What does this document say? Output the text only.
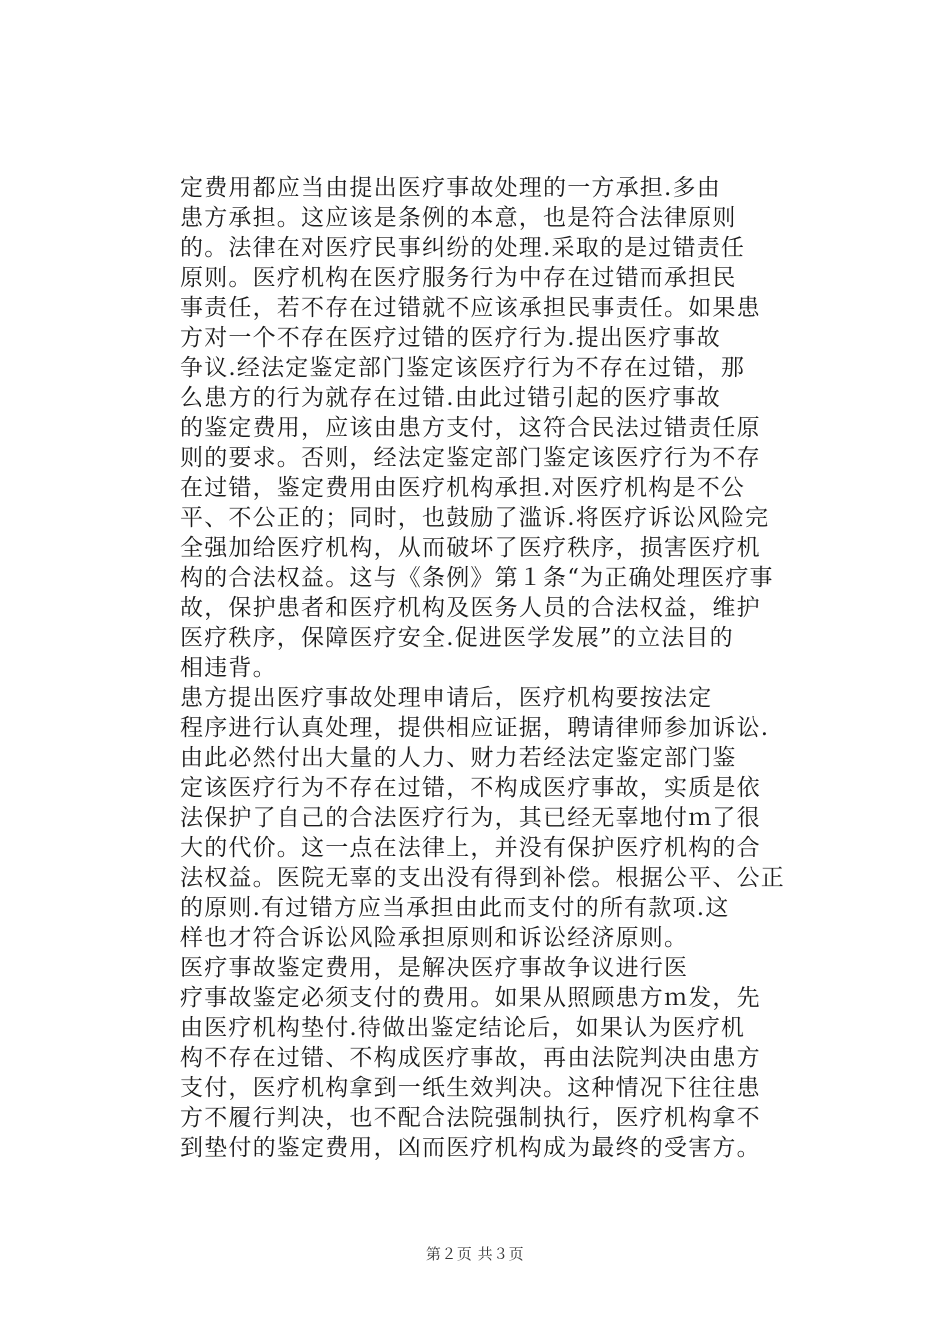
定费用都应当由提出医疗事故处理的一方承担.多由
患方承担。这应该是条例的本意，也是符合法律原则
的。法律在对医疗民事纠纷的处理.采取的是过错责任
原则。医疗机构在医疗服务行为中存在过错而承担民
事责任，若不存在过错就不应该承担民事责任。如果患
方对一个不存在医疗过错的医疗行为.提出医疗事故
争议.经法定鉴定部门鉴定该医疗行为不存在过错，那
么患方的行为就存在过错.由此过错引起的医疗事故
的鉴定费用，应该由患方支付，这符合民法过错责任原
则的要求。否则，经法定鉴定部门鉴定该医疗行为不存
在过错，鉴定费用由医疗机构承担.对医疗机构是不公
平、不公正的；同时，也鼓励了滥诉.将医疗诉讼风险完
全强加给医疗机构，从而破坏了医疗秩序，损害医疗机
构的合法权益。这与《条例》第１条“为正确处理医疗事
故，保护患者和医疗机构及医务人员的合法权益，维护
医疗秩序，保障医疗安全.促进医学发展”的立法目的
相违背。
患方提出医疗事故处理申请后，医疗机构要按法定
程序进行认真处理，提供相应证据，聘请律师参加诉讼.
由此必然付出大量的人力、财力若经法定鉴定部门鉴
定该医疗行为不存在过错，不构成医疗事故，实质是依
法保护了自己的合法医疗行为，其已经无辜地付ｍ了很
大的代价。这一点在法律上，并没有保护医疗机构的合
法权益。医院无辜的支出没有得到补偿。根据公平、公正
的原则.有过错方应当承担由此而支付的所有款项.这
样也才符合诉讼风险承担原则和诉讼经济原则。
医疗事故鉴定费用，是解决医疗事故争议进行医
疗事故鉴定必须支付的费用。如果从照顾患方ｍ发，先
由医疗机构垫付.待做出鉴定结论后，如果认为医疗机
构不存在过错、不构成医疗事故，再由法院判决由患方
支付，医疗机构拿到一纸生效判决。这种情况下往往患
方不履行判决，也不配合法院强制执行，医疗机构拿不
到垫付的鉴定费用，凶而医疗机构成为最终的受害方。
第２页 共３页
